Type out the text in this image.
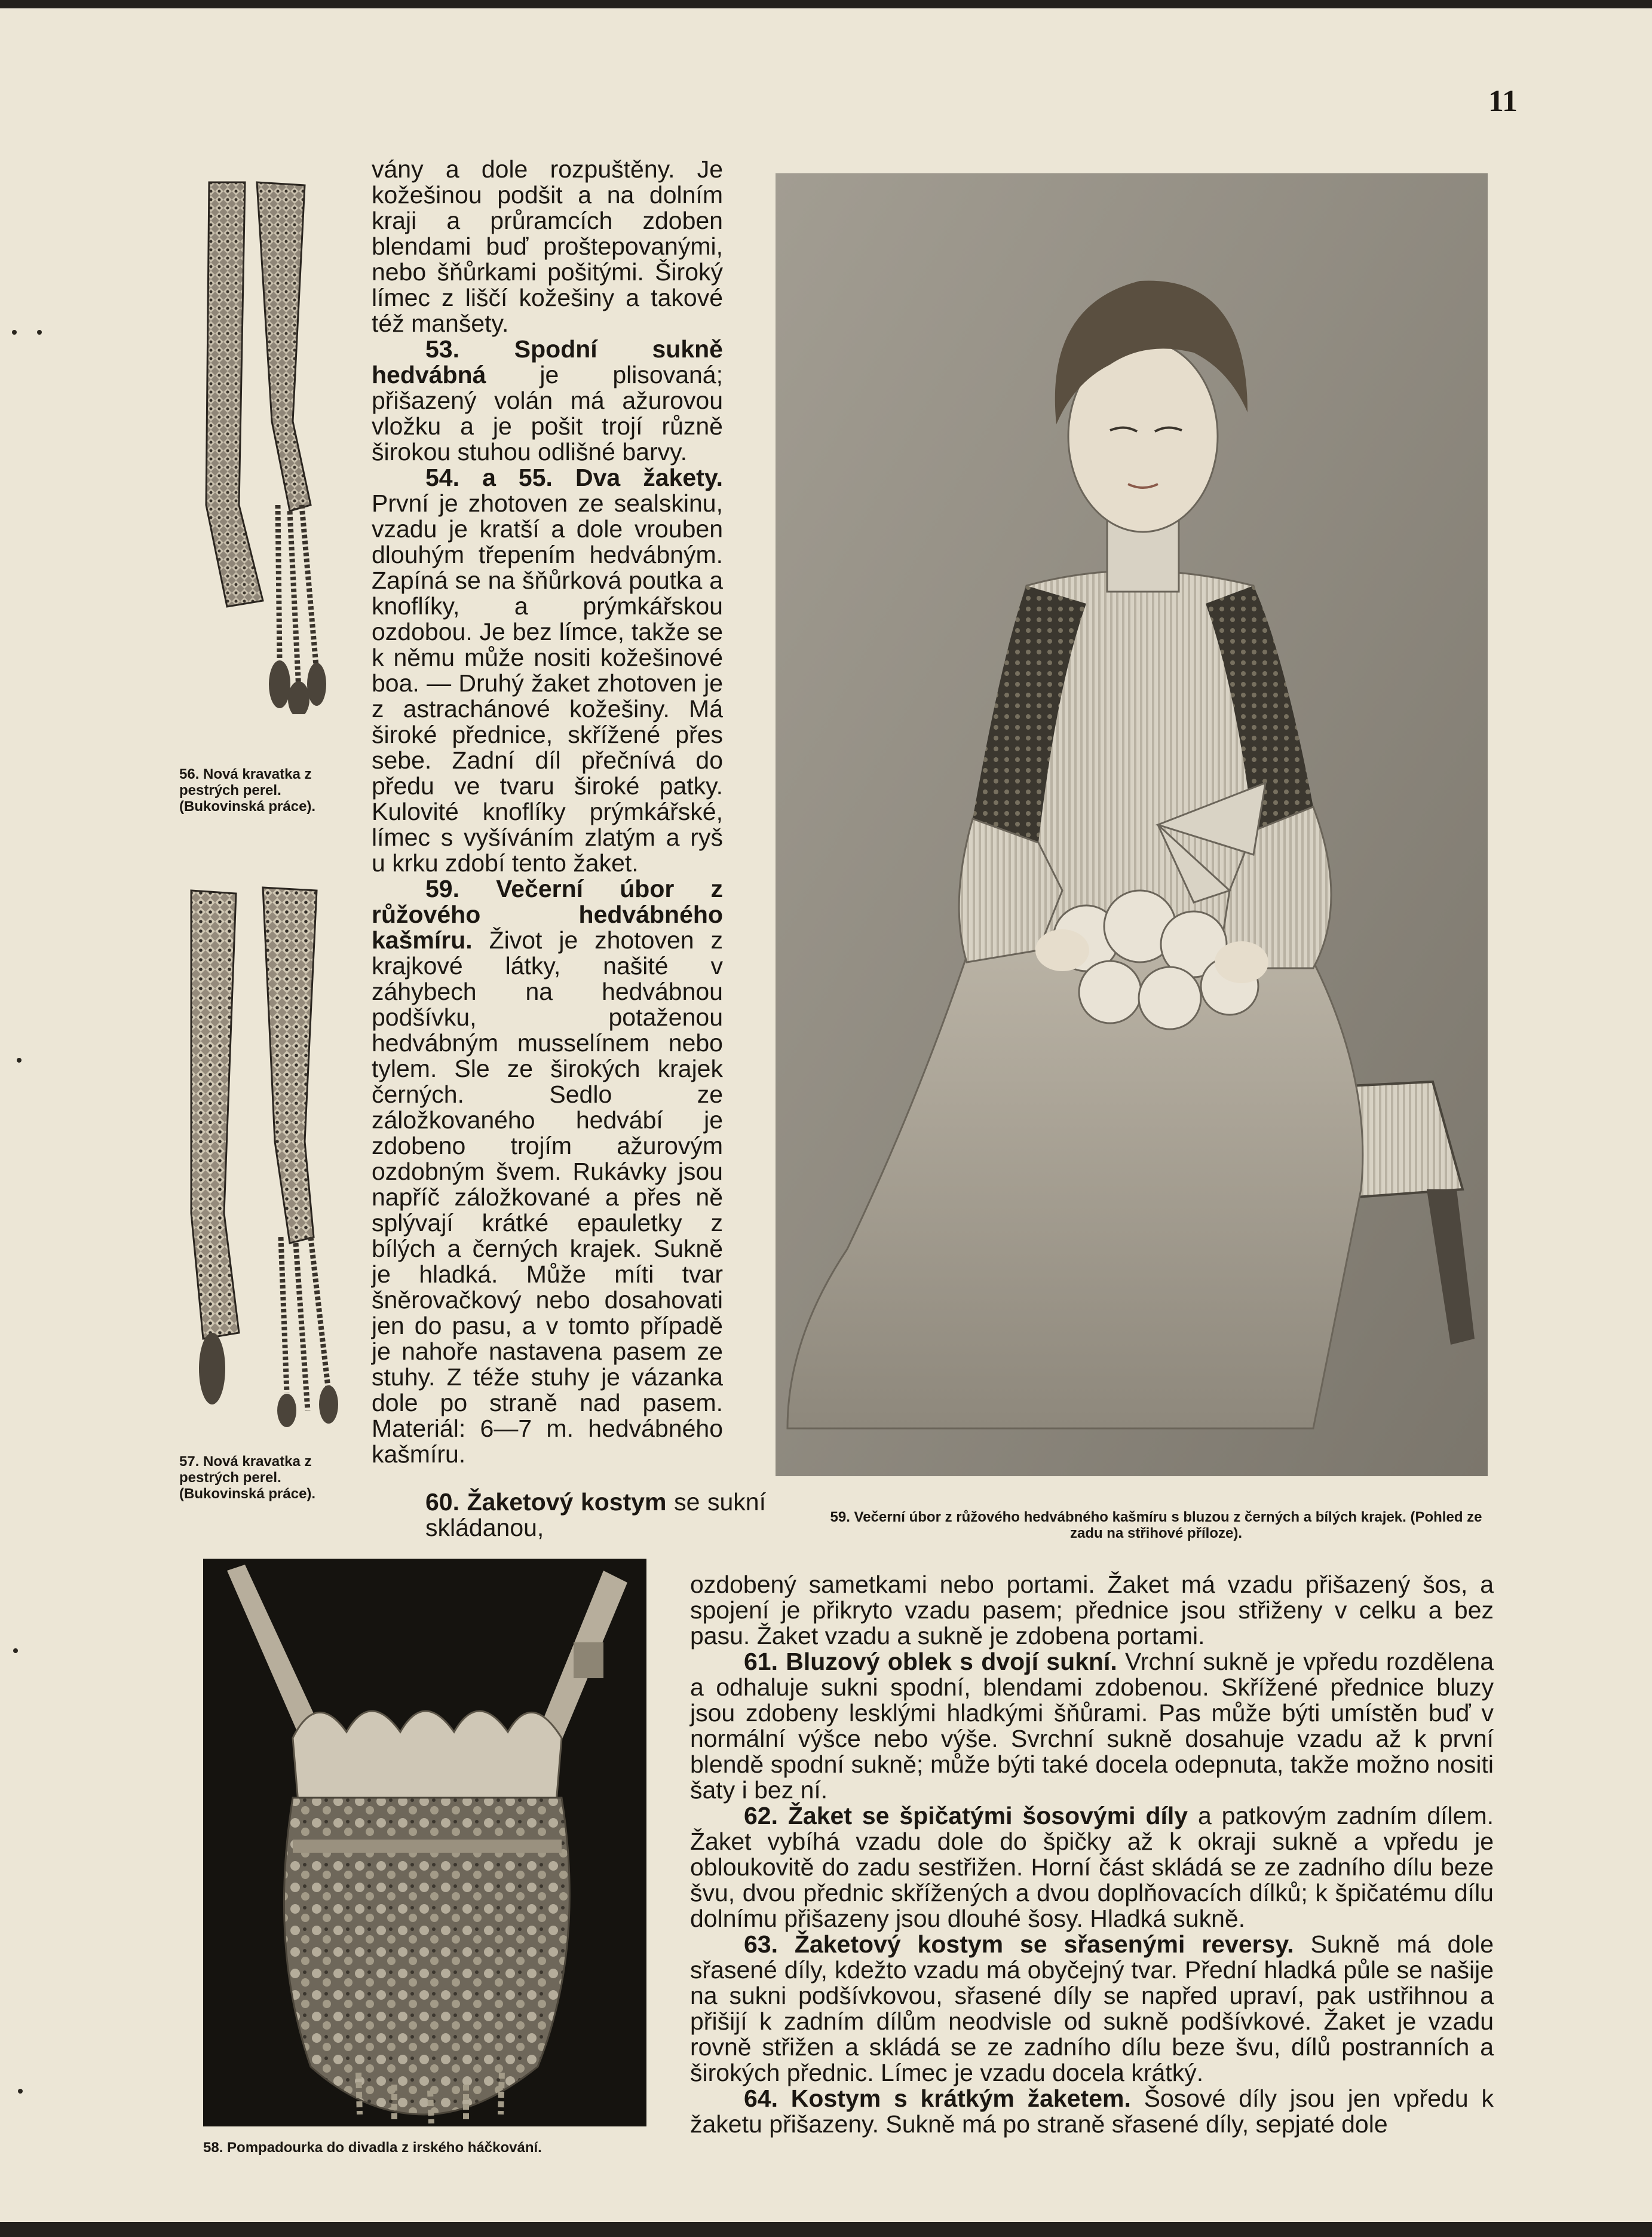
11

56. Nová kravatka z pestrých perel. (Bukovinská práce).

57. Nová kravatka z pestrých perel. (Bukovinská práce).

vány a dole rozpuštěny. Je kožešinou podšit a na dolním kraji a průramcích zdoben blendami buď proštepovanými, nebo šňůrkami pošitými. Široký límec z liščí kožešiny a takové též manšety.

53. Spodní sukně hedvábná je plisovaná; přišazený volán má ažurovou vložku a je pošit trojí různě širokou stuhou odlišné barvy.

54. a 55. Dva žakety. První je zhotoven ze sealskinu, vzadu je kratší a dole vrouben dlouhým třepením hedvábným. Zapíná se na šňůrková poutka a knoflíky, a prýmkářskou ozdobou. Je bez límce, takže se k němu může nositi kožešinové boa. — Druhý žaket zhotoven je z astrachánové kožešiny. Má široké přednice, skřížené přes sebe. Zadní díl přečnívá do předu ve tvaru široké patky. Kulovité knoflíky prýmkářské, límec s vyšíváním zlatým a ryš u krku zdobí tento žaket.

59. Večerní úbor z růžového hedvábného kašmíru. Život je zhotoven z krajkové látky, našité v záhybech na hedvábnou podšívku, potaženou hedvábným musselínem nebo tylem. Sle ze širokých krajek černých. Sedlo ze záložkovaného hedvábí je zdobeno trojím ažurovým ozdobným švem. Rukávky jsou napříč záložkované a přes ně splývají krátké epauletky z bílých a černých krajek. Sukně je hladká. Může míti tvar šněrovačkový nebo dosahovati jen do pasu, a v tomto případě je nahoře nastavena pasem ze stuhy. Z téže stuhy je vázanka dole po straně nad pasem. Materiál: 6—7 m. hedvábného kašmíru.

60. Žaketový kostym se sukní skládanou,	59. Večerní úbor z růžového hedvábného kašmíru s bluzou z černých a bílých krajek. (Pohled ze zadu na střihové příloze).

58. Pompadourka do divadla z irského háčkování.

ozdobený sametkami nebo portami. Žaket má vzadu přišazený šos, a spojení je přikryto vzadu pasem; přednice jsou střiženy v celku a bez pasu. Žaket vzadu a sukně je zdobena portami.

61. Bluzový oblek s dvojí sukní. Vrchní sukně je vpředu rozdělena a odhaluje sukni spodní, blendami zdobenou. Skřížené přednice bluzy jsou zdobeny lesklými hladkými šňůrami. Pas může býti umístěn buď v normální výšce nebo výše. Svrchní sukně dosahuje vzadu až k první blendě spodní sukně; může býti také docela odepnuta, takže možno nositi šaty i bez ní.

62. Žaket se špičatými šosovými díly a patkovým zadním dílem. Žaket vybíhá vzadu dole do špičky až k okraji sukně a vpředu je obloukovitě do zadu sestřižen. Horní část skládá se ze zadního dílu beze švu, dvou přednic skřížených a dvou doplňovacích dílků; k špičatému dílu dolnímu přišazeny jsou dlouhé šosy. Hladká sukně.

63. Žaketový kostym se sřasenými reversy. Sukně má dole sřasené díly, kdežto vzadu má obyčejný tvar. Přední hladká půle se našije na sukni podšívkovou, sřasené díly se napřed upraví, pak ustřihnou a přišijí k zadním dílům neodvisle od sukně podšívkové. Žaket je vzadu rovně střižen a skládá se ze zadního dílu beze švu, dílů postranních a širokých přednic. Límec je vzadu docela krátký.

64. Kostym s krátkým žaketem. Šosové díly jsou jen vpředu k žaketu přišazeny. Sukně má po straně sřasené díly, sepjaté dole
